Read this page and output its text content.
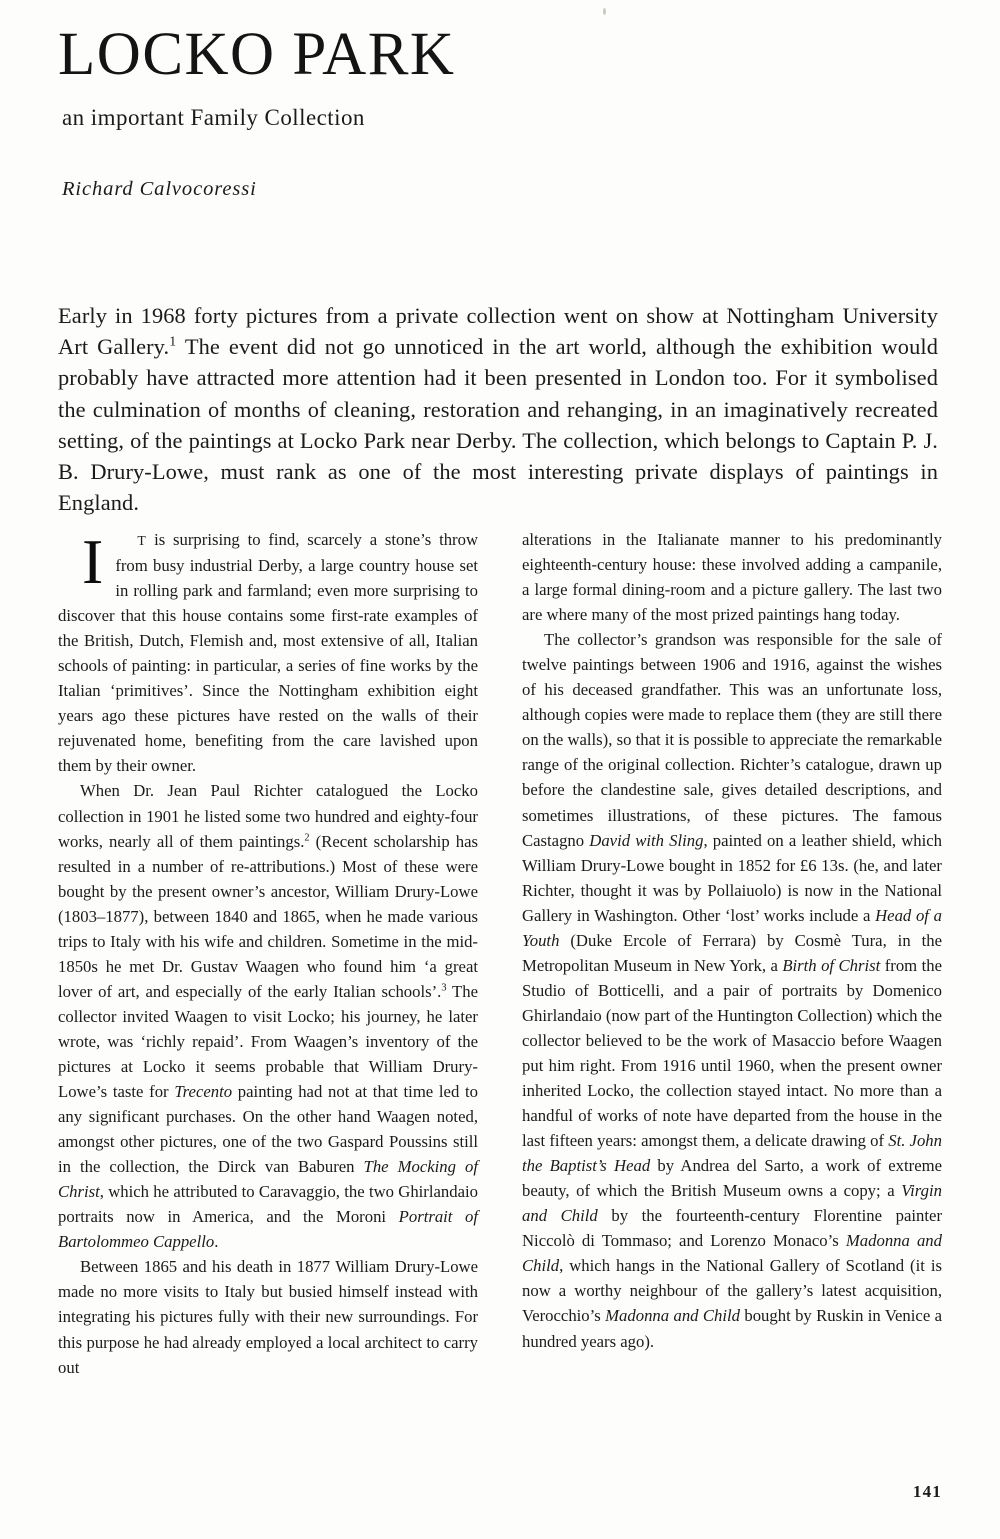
LOCKO PARK
an important Family Collection
Richard Calvocoressi
Early in 1968 forty pictures from a private collection went on show at Nottingham University Art Gallery.$^1$ The event did not go unnoticed in the art world, although the exhibition would probably have attracted more attention had it been presented in London too. For it symbolised the culmination of months of cleaning, restoration and rehanging, in an imaginatively recreated setting, of the paintings at Locko Park near Derby. The collection, which belongs to Captain P. J. B. Drury-Lowe, must rank as one of the most interesting private displays of paintings in England.

I	T is surprising to find, scarcely a stone’s throw from busy industrial Derby, a large country house set in rolling park and farmland; even more surprising to discover that this house contains some first-rate examples of the British, Dutch, Flemish and, most extensive of all, Italian schools of painting: in particular, a series of fine works by the Italian ‘primitives’. Since the Nottingham exhibition eight years ago these pictures have rested on the walls of their rejuvenated home, benefiting from the care lavished upon them by their owner.

When Dr. Jean Paul Richter catalogued the Locko collection in 1901 he listed some two hundred and eighty-four works, nearly all of them paintings.$^2$ (Recent scholarship has resulted in a number of re-attributions.) Most of these were bought by the present owner’s ancestor, William Drury-Lowe (1803–1877), between 1840 and 1865, when he made various trips to Italy with his wife and children. Sometime in the mid-1850s he met Dr. Gustav Waagen who found him ‘a great lover of art, and especially of the early Italian schools’.$^3$ The collector invited Waagen to visit Locko; his journey, he later wrote, was ‘richly repaid’. From Waagen’s inventory of the pictures at Locko it seems probable that William Drury-Lowe’s taste for Trecento painting had not at that time led to any significant purchases. On the other hand Waagen noted, amongst other pictures, one of the two Gaspard Poussins still in the collection, the Dirck van Baburen The Mocking of Christ, which he attributed to Caravaggio, the two Ghirlandaio portraits now in America, and the Moroni Portrait of Bartolommeo Cappello.

Between 1865 and his death in 1877 William Drury-Lowe made no more visits to Italy but busied himself instead with integrating his pictures fully with their new surroundings. For this purpose he had already employed a local architect to carry out

alterations in the Italianate manner to his predominantly eighteenth-century house: these involved adding a campanile, a large formal dining-room and a picture gallery. The last two are where many of the most prized paintings hang today.

The collector’s grandson was responsible for the sale of twelve paintings between 1906 and 1916, against the wishes of his deceased grandfather. This was an unfortunate loss, although copies were made to replace them (they are still there on the walls), so that it is possible to appreciate the remarkable range of the original collection. Richter’s catalogue, drawn up before the clandestine sale, gives detailed descriptions, and sometimes illustrations, of these pictures. The famous Castagno David with Sling, painted on a leather shield, which William Drury-Lowe bought in 1852 for £6 13s. (he, and later Richter, thought it was by Pollaiuolo) is now in the National Gallery in Washington. Other ‘lost’ works include a Head of a Youth (Duke Ercole of Ferrara) by Cosmè Tura, in the Metropolitan Museum in New York, a Birth of Christ from the Studio of Botticelli, and a pair of portraits by Domenico Ghirlandaio (now part of the Huntington Collection) which the collector believed to be the work of Masaccio before Waagen put him right. From 1916 until 1960, when the present owner inherited Locko, the collection stayed intact. No more than a handful of works of note have departed from the house in the last fifteen years: amongst them, a delicate drawing of St. John the Baptist’s Head by Andrea del Sarto, a work of extreme beauty, of which the British Museum owns a copy; a Virgin and Child by the fourteenth-century Florentine painter Niccolò di Tommaso; and Lorenzo Monaco’s Madonna and Child, which hangs in the National Gallery of Scotland (it is now a worthy neighbour of the gallery’s latest acquisition, Verocchio’s Madonna and Child bought by Ruskin in Venice a hundred years ago).

141
